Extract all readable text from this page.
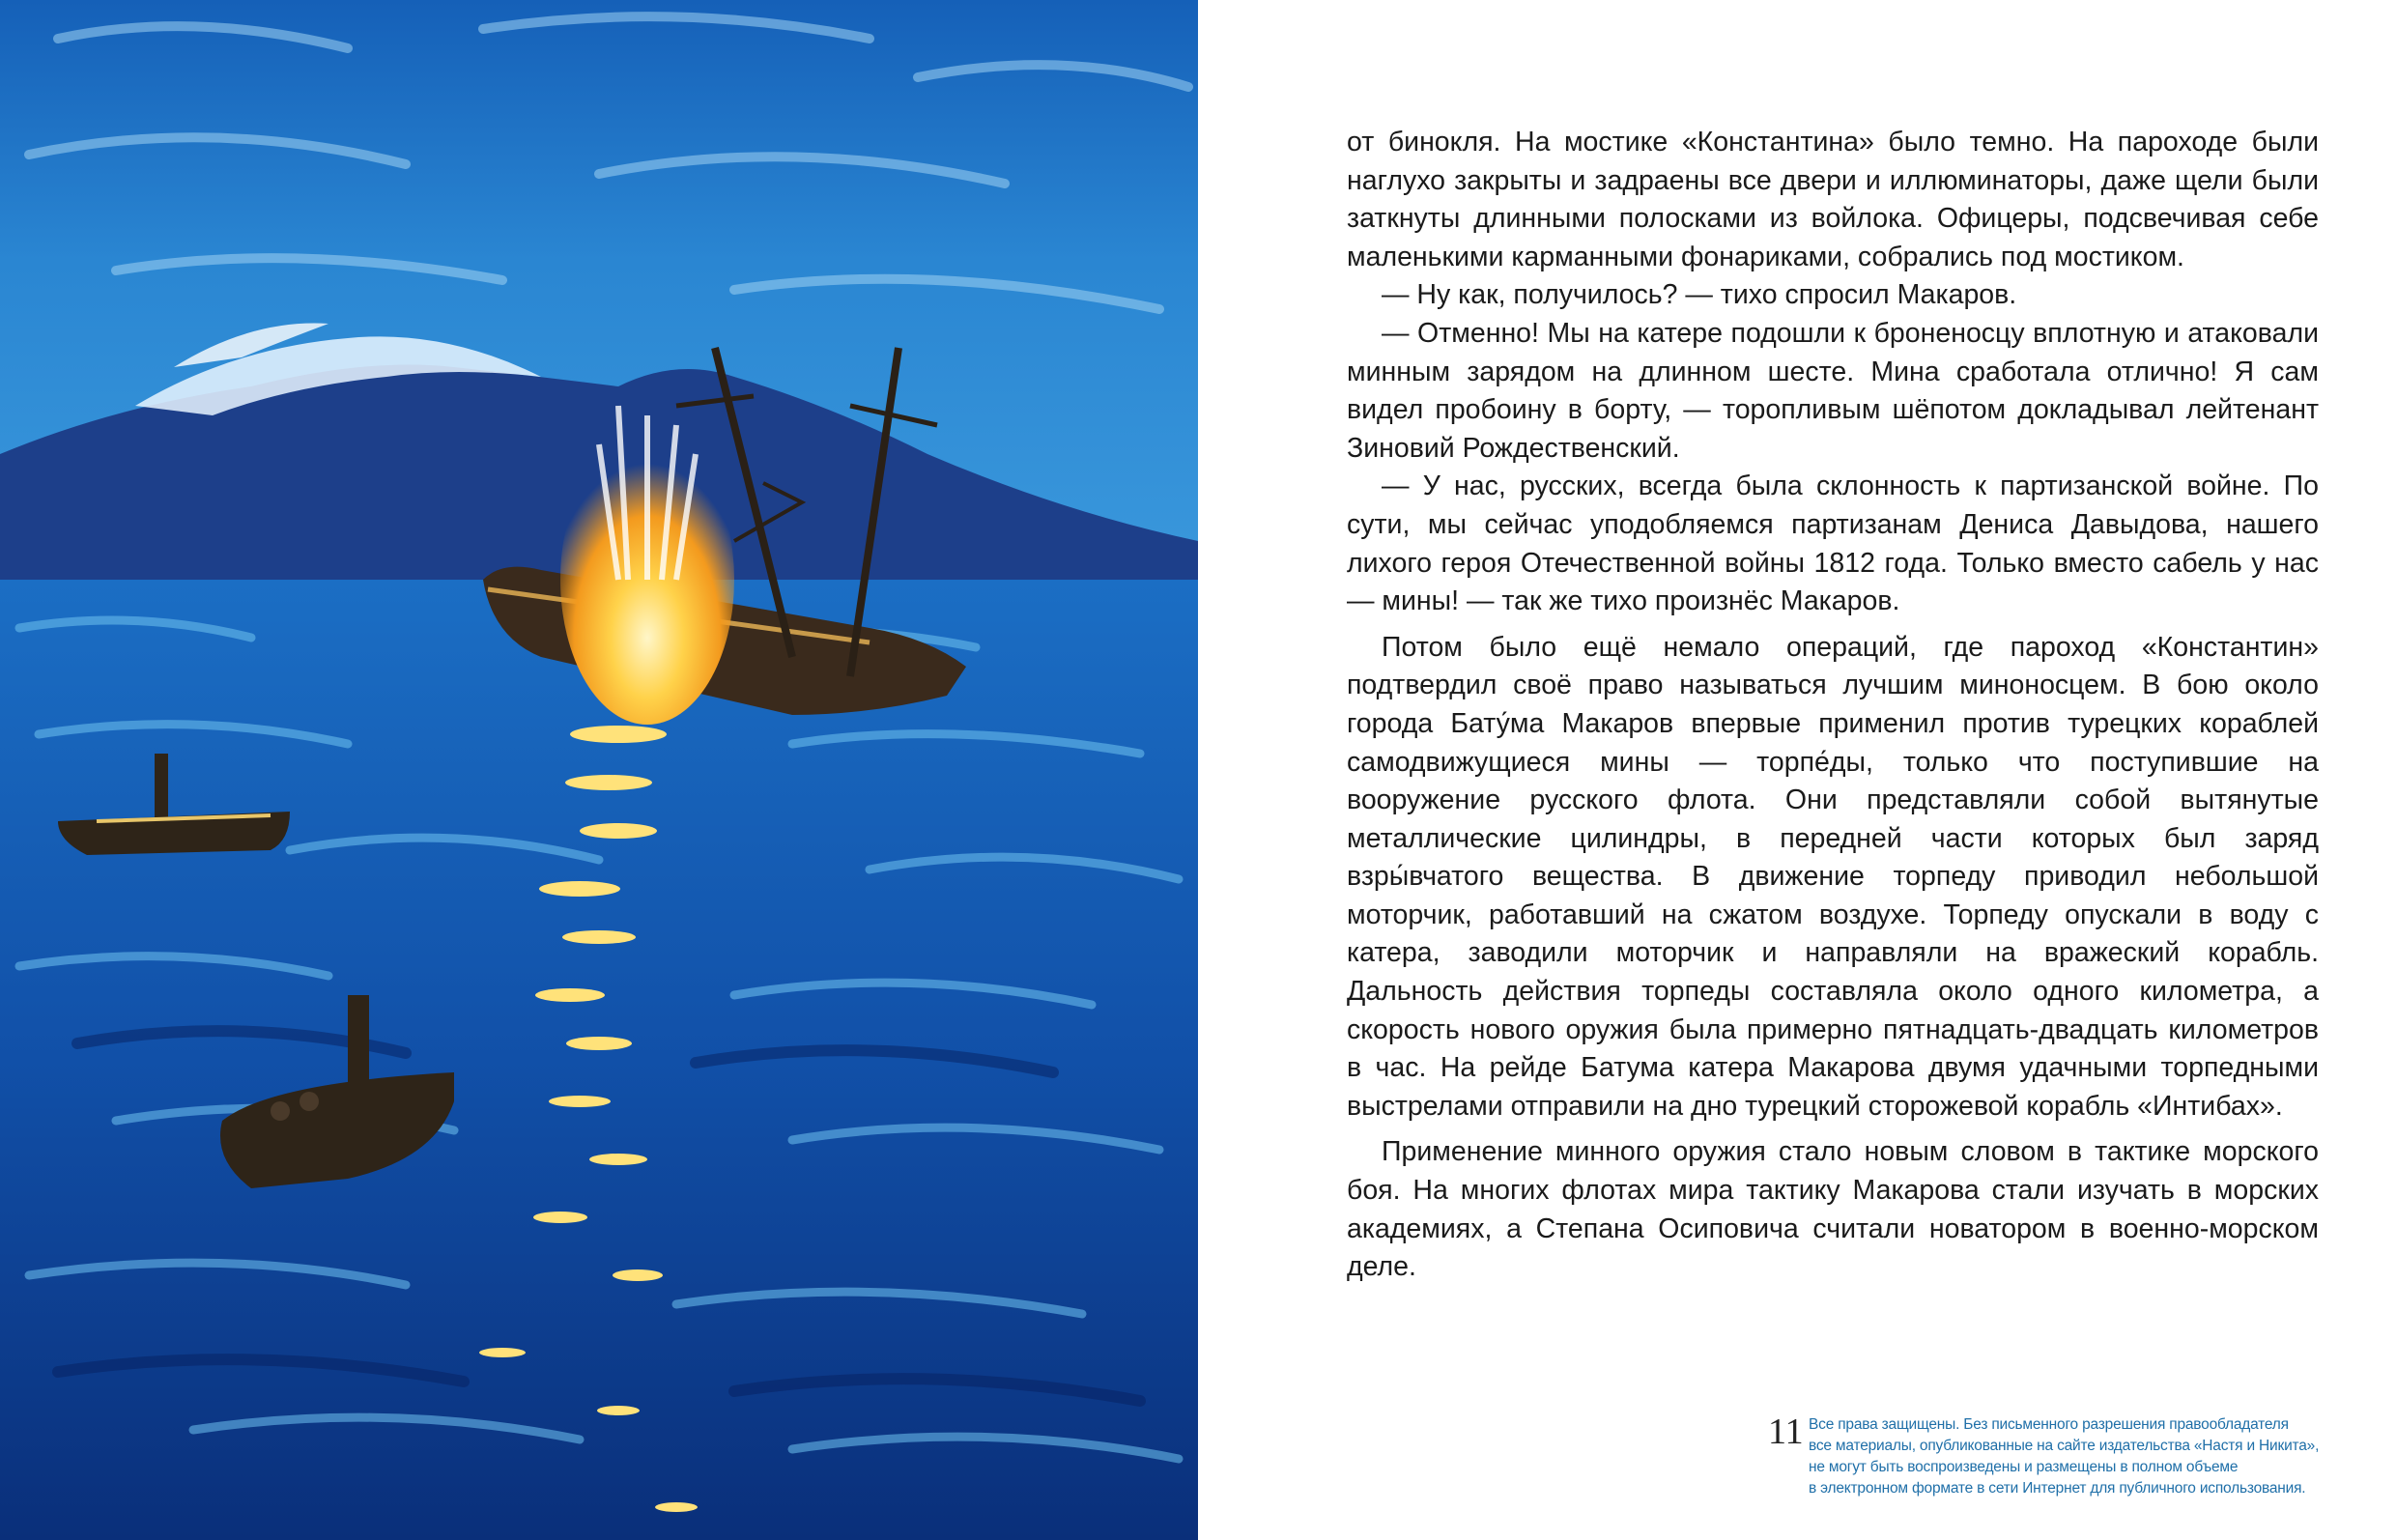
от бинокля. На мостике «Константина» было темно. На пароходе были наглухо закрыты и задраены все двери и иллюминаторы, даже щели были заткнуты длинными полосками из войлока. Офицеры, подсвечивая себе маленькими карманными фонариками, собрались под мостиком.

— Ну как, получилось? — тихо спросил Макаров.

— Отменно! Мы на катере подошли к броненосцу вплотную и атаковали минным зарядом на длинном шесте. Мина сработала отлично! Я сам видел пробоину в борту, — торопливым шёпотом докладывал лейтенант Зиновий Рождественский.

— У нас, русских, всегда была склонность к партизанской войне. По сути, мы сейчас уподобляемся партизанам Дениса Давыдова, нашего лихого героя Отечественной войны 1812 года. Только вместо сабель у нас — мины! — так же тихо произнёс Макаров.

Потом было ещё немало операций, где пароход «Константин» подтвердил своё право называться лучшим миноносцем. В бою около города Бату́ма Макаров впервые применил против турецких кораблей самодвижущиеся мины — торпе́ды, только что поступившие на вооружение русского флота. Они представляли собой вытянутые металлические цилиндры, в передней части которых был заряд взры́вчатого вещества. В движение торпеду приводил небольшой моторчик, работавший на сжатом воздухе. Торпеду опускали в воду с катера, заводили моторчик и направляли на вражеский корабль. Дальность действия торпеды составляла около одного километра, а скорость нового оружия была примерно пятнадцать-двадцать километров в час. На рейде Батума катера Макарова двумя удачными торпедными выстрелами отправили на дно турецкий сторожевой корабль «Интибах».

Применение минного оружия стало новым словом в тактике морского боя. На многих флотах мира тактику Макарова стали изучать в морских академиях, а Степана Осиповича считали новатором в военно-морском деле.

11 Все права защищены. Без письменного разрешения правообладателя
все материалы, опубликованные на сайте издательства «Настя и Никита»,
не могут быть воспроизведены и размещены в полном объеме
в электронном формате в сети Интернет для публичного использования.
